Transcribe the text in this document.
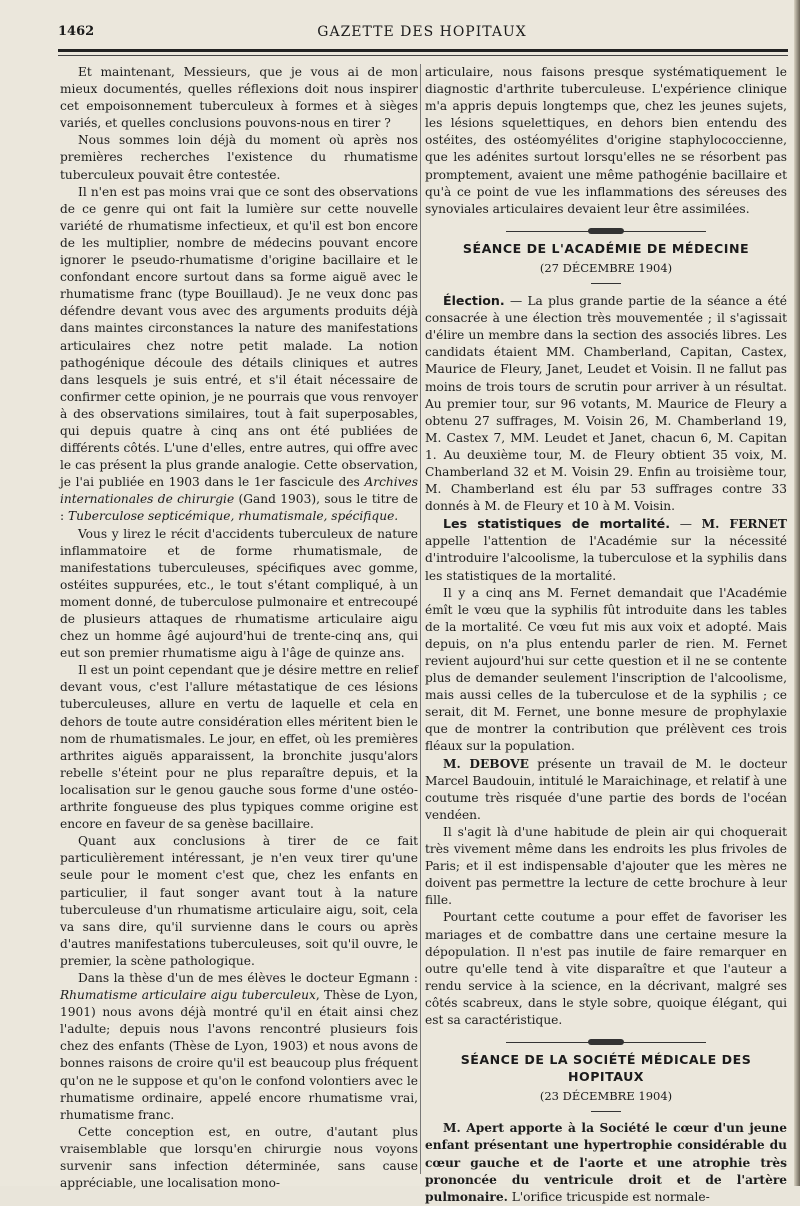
1462	GAZETTE DES HOPITAUX

Et maintenant, Messieurs, que je vous ai de mon mieux documentés, quelles réflexions doit nous inspirer cet empoisonnement tuberculeux à formes et à sièges variés, et quelles conclusions pouvons-nous en tirer ?

Nous sommes loin déjà du moment où après nos premières recherches l'existence du rhumatisme tuberculeux pouvait être contestée.

Il n'en est pas moins vrai que ce sont des observations de ce genre qui ont fait la lumière sur cette nouvelle variété de rhumatisme infectieux, et qu'il est bon encore de les multiplier, nombre de médecins pouvant encore ignorer le pseudo-rhumatisme d'origine bacillaire et le confondant encore surtout dans sa forme aiguë avec le rhumatisme franc (type Bouillaud). Je ne veux donc pas défendre devant vous avec des arguments produits déjà dans maintes circonstances la nature des manifestations articulaires chez notre petit malade. La notion pathogénique découle des détails cliniques et autres dans lesquels je suis entré, et s'il était nécessaire de confirmer cette opinion, je ne pourrais que vous renvoyer à des observations similaires, tout à fait superposables, qui depuis quatre à cinq ans ont été publiées de différents côtés. L'une d'elles, entre autres, qui offre avec le cas présent la plus grande analogie. Cette observation, je l'ai publiée en 1903 dans le 1er fascicule des Archives internationales de chirurgie (Gand 1903), sous le titre de : Tuberculose septicémique, rhumatismale, spécifique.

Vous y lirez le récit d'accidents tuberculeux de nature inflammatoire et de forme rhumatismale, de manifestations tuberculeuses, spécifiques avec gomme, ostéites suppurées, etc., le tout s'étant compliqué, à un moment donné, de tuberculose pulmonaire et entrecoupé de plusieurs attaques de rhumatisme articulaire aigu chez un homme âgé aujourd'hui de trente-cinq ans, qui eut son premier rhumatisme aigu à l'âge de quinze ans.

Il est un point cependant que je désire mettre en relief devant vous, c'est l'allure métastatique de ces lésions tuberculeuses, allure en vertu de laquelle et cela en dehors de toute autre considération elles méritent bien le nom de rhumatismales. Le jour, en effet, où les premières arthrites aiguës apparaissent, la bronchite jusqu'alors rebelle s'éteint pour ne plus reparaître depuis, et la localisation sur le genou gauche sous forme d'une ostéo-arthrite fongueuse des plus typiques comme origine est encore en faveur de sa genèse bacillaire.

Quant aux conclusions à tirer de ce fait particulièrement intéressant, je n'en veux tirer qu'une seule pour le moment c'est que, chez les enfants en particulier, il faut songer avant tout à la nature tuberculeuse d'un rhumatisme articulaire aigu, soit, cela va sans dire, qu'il survienne dans le cours ou après d'autres manifestations tuberculeuses, soit qu'il ouvre, le premier, la scène pathologique.

Dans la thèse d'un de mes élèves le docteur Egmann : Rhumatisme articulaire aigu tuberculeux, Thèse de Lyon, 1901) nous avons déjà montré qu'il en était ainsi chez l'adulte; depuis nous l'avons rencontré plusieurs fois chez des enfants (Thèse de Lyon, 1903) et nous avons de bonnes raisons de croire qu'il est beaucoup plus fréquent qu'on ne le suppose et qu'on le confond volontiers avec le rhumatisme ordinaire, appelé encore rhumatisme vrai, rhumatisme franc.

Cette conception est, en outre, d'autant plus vraisemblable que lorsqu'en chirurgie nous voyons survenir sans infection déterminée, sans cause appréciable, une localisation mono-

articulaire, nous faisons presque systématiquement le diagnostic d'arthrite tuberculeuse. L'expérience clinique m'a appris depuis longtemps que, chez les jeunes sujets, les lésions squelettiques, en dehors bien entendu des ostéites, des ostéomyélites d'origine staphylococcienne, que les adénites surtout lorsqu'elles ne se résorbent pas promptement, avaient une même pathogénie bacillaire et qu'à ce point de vue les inflammations des séreuses des synoviales articulaires devaient leur être assimilées.

SÉANCE DE L'ACADÉMIE DE MÉDECINE
(27 DÉCEMBRE 1904)

Élection. — La plus grande partie de la séance a été consacrée à une élection très mouvementée ; il s'agissait d'élire un membre dans la section des associés libres. Les candidats étaient MM. Chamberland, Capitan, Castex, Maurice de Fleury, Janet, Leudet et Voisin. Il ne fallut pas moins de trois tours de scrutin pour arriver à un résultat. Au premier tour, sur 96 votants, M. Maurice de Fleury a obtenu 27 suffrages, M. Voisin 26, M. Chamberland 19, M. Castex 7, MM. Leudet et Janet, chacun 6, M. Capitan 1. Au deuxième tour, M. de Fleury obtient 35 voix, M. Chamberland 32 et M. Voisin 29. Enfin au troisième tour, M. Chamberland est élu par 53 suffrages contre 33 donnés à M. de Fleury et 10 à M. Voisin.

Les statistiques de mortalité. — M. FERNET appelle l'attention de l'Académie sur la nécessité d'introduire l'alcoolisme, la tuberculose et la syphilis dans les statistiques de la mortalité.

Il y a cinq ans M. Fernet demandait que l'Académie émît le vœu que la syphilis fût introduite dans les tables de la mortalité. Ce vœu fut mis aux voix et adopté. Mais depuis, on n'a plus entendu parler de rien. M. Fernet revient aujourd'hui sur cette question et il ne se contente plus de demander seulement l'inscription de l'alcoolisme, mais aussi celles de la tuberculose et de la syphilis ; ce serait, dit M. Fernet, une bonne mesure de prophylaxie que de montrer la contribution que prélèvent ces trois fléaux sur la population.

M. DEBOVE présente un travail de M. le docteur Marcel Baudouin, intitulé le Maraichinage, et relatif à une coutume très risquée d'une partie des bords de l'océan vendéen.

Il s'agit là d'une habitude de plein air qui choquerait très vivement même dans les endroits les plus frivoles de Paris; et il est indispensable d'ajouter que les mères ne doivent pas permettre la lecture de cette brochure à leur fille.

Pourtant cette coutume a pour effet de favoriser les mariages et de combattre dans une certaine mesure la dépopulation. Il n'est pas inutile de faire remarquer en outre qu'elle tend à vite disparaître et que l'auteur a rendu service à la science, en la décrivant, malgré ses côtés scabreux, dans le style sobre, quoique élégant, qui est sa caractéristique.

SÉANCE DE LA SOCIÉTÉ MÉDICALE DES HOPITAUX
(23 DÉCEMBRE 1904)

M. Apert apporte à la Société le cœur d'un jeune enfant présentant une hypertrophie considérable du cœur gauche et de l'aorte et une atrophie très prononcée du ventricule droit et de l'artère pulmonaire. L'orifice tricuspide est normale-
